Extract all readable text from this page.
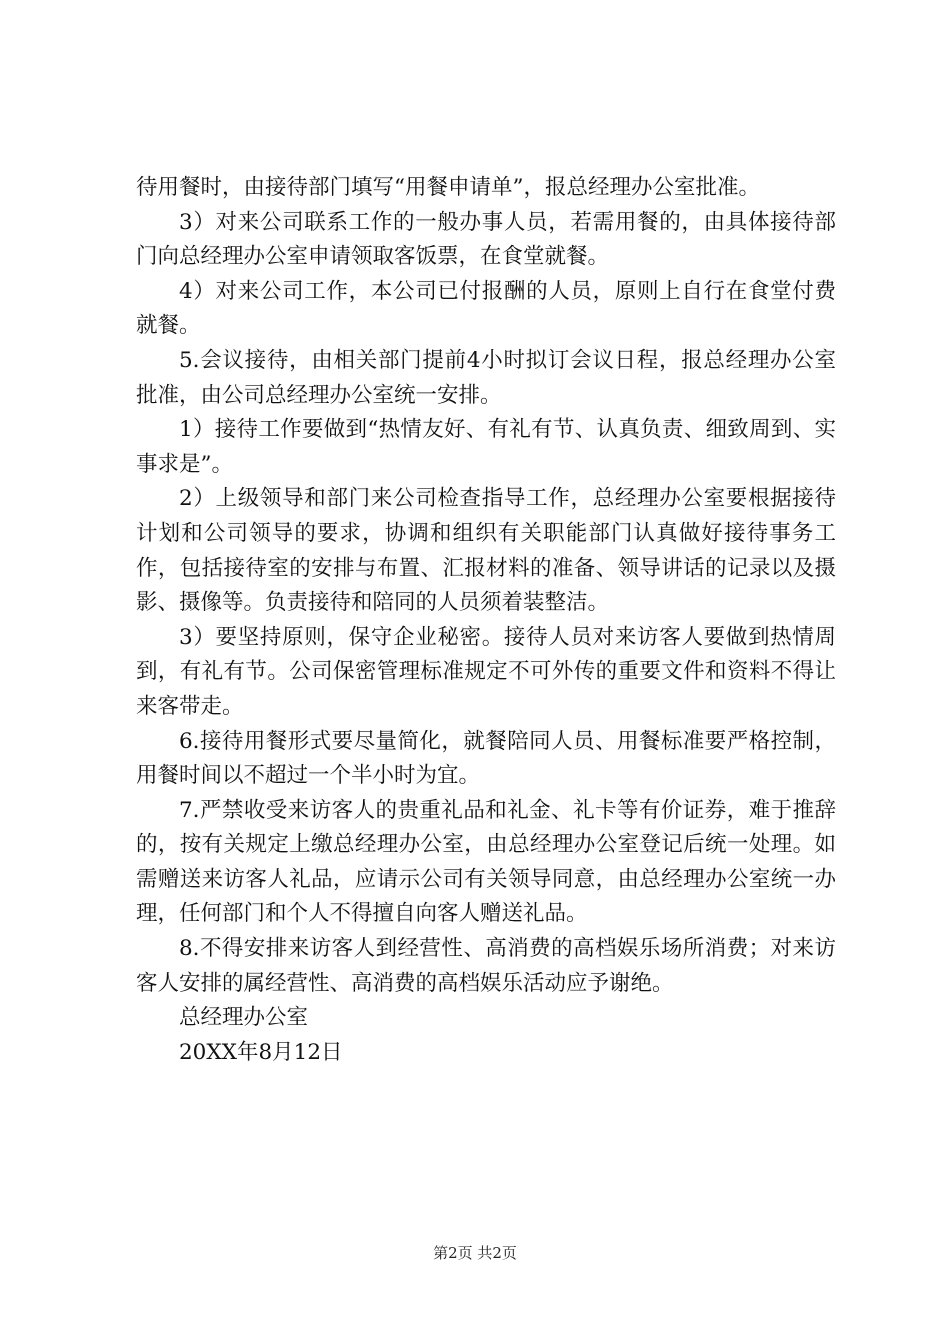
待用餐时，由接待部门填写“用餐申请单”，报总经理办公室批准。

3）对来公司联系工作的一般办事人员，若需用餐的，由具体接待部门向总经理办公室申请领取客饭票，在食堂就餐。

4）对来公司工作，本公司已付报酬的人员，原则上自行在食堂付费就餐。

5.会议接待，由相关部门提前4小时拟订会议日程，报总经理办公室批准，由公司总经理办公室统一安排。

1）接待工作要做到“热情友好、有礼有节、认真负责、细致周到、实事求是”。

2）上级领导和部门来公司检查指导工作，总经理办公室要根据接待计划和公司领导的要求，协调和组织有关职能部门认真做好接待事务工作，包括接待室的安排与布置、汇报材料的准备、领导讲话的记录以及摄影、摄像等。负责接待和陪同的人员须着装整洁。

3）要坚持原则，保守企业秘密。接待人员对来访客人要做到热情周到，有礼有节。公司保密管理标准规定不可外传的重要文件和资料不得让来客带走。

6.接待用餐形式要尽量简化，就餐陪同人员、用餐标准要严格控制，用餐时间以不超过一个半小时为宜。

7.严禁收受来访客人的贵重礼品和礼金、礼卡等有价证券，难于推辞的，按有关规定上缴总经理办公室，由总经理办公室登记后统一处理。如需赠送来访客人礼品，应请示公司有关领导同意，由总经理办公室统一办理，任何部门和个人不得擅自向客人赠送礼品。

8.不得安排来访客人到经营性、高消费的高档娱乐场所消费；对来访客人安排的属经营性、高消费的高档娱乐活动应予谢绝。

总经理办公室

20XX年8月12日

第2页 共2页
